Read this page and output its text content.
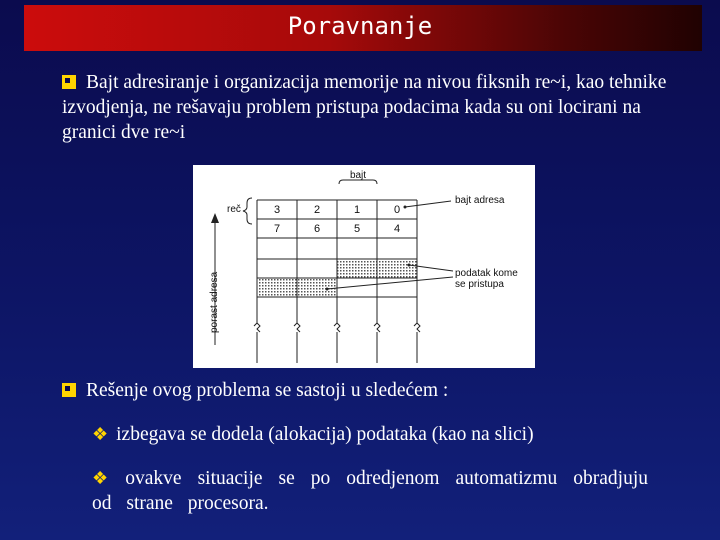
Poravnanje
Bajt adresiranje i organizacija memorije na nivou fiksnih re~i, kao tehnike izvodjenja, ne rešavaju problem pristupa podacima kada su oni locirani na granici dve re~i
bajt
reč
porast adresa
3	2	1	0
7	6	5	4
bajt adresa
podatak kome
se pristupa
Rešenje ovog problema se sastoji u sledećem :
❖ izbegava se dodela (alokacija) podataka (kao na slici)
❖ ovakve situacije se po odredjenom automatizmu obradjuju od strane procesora.
